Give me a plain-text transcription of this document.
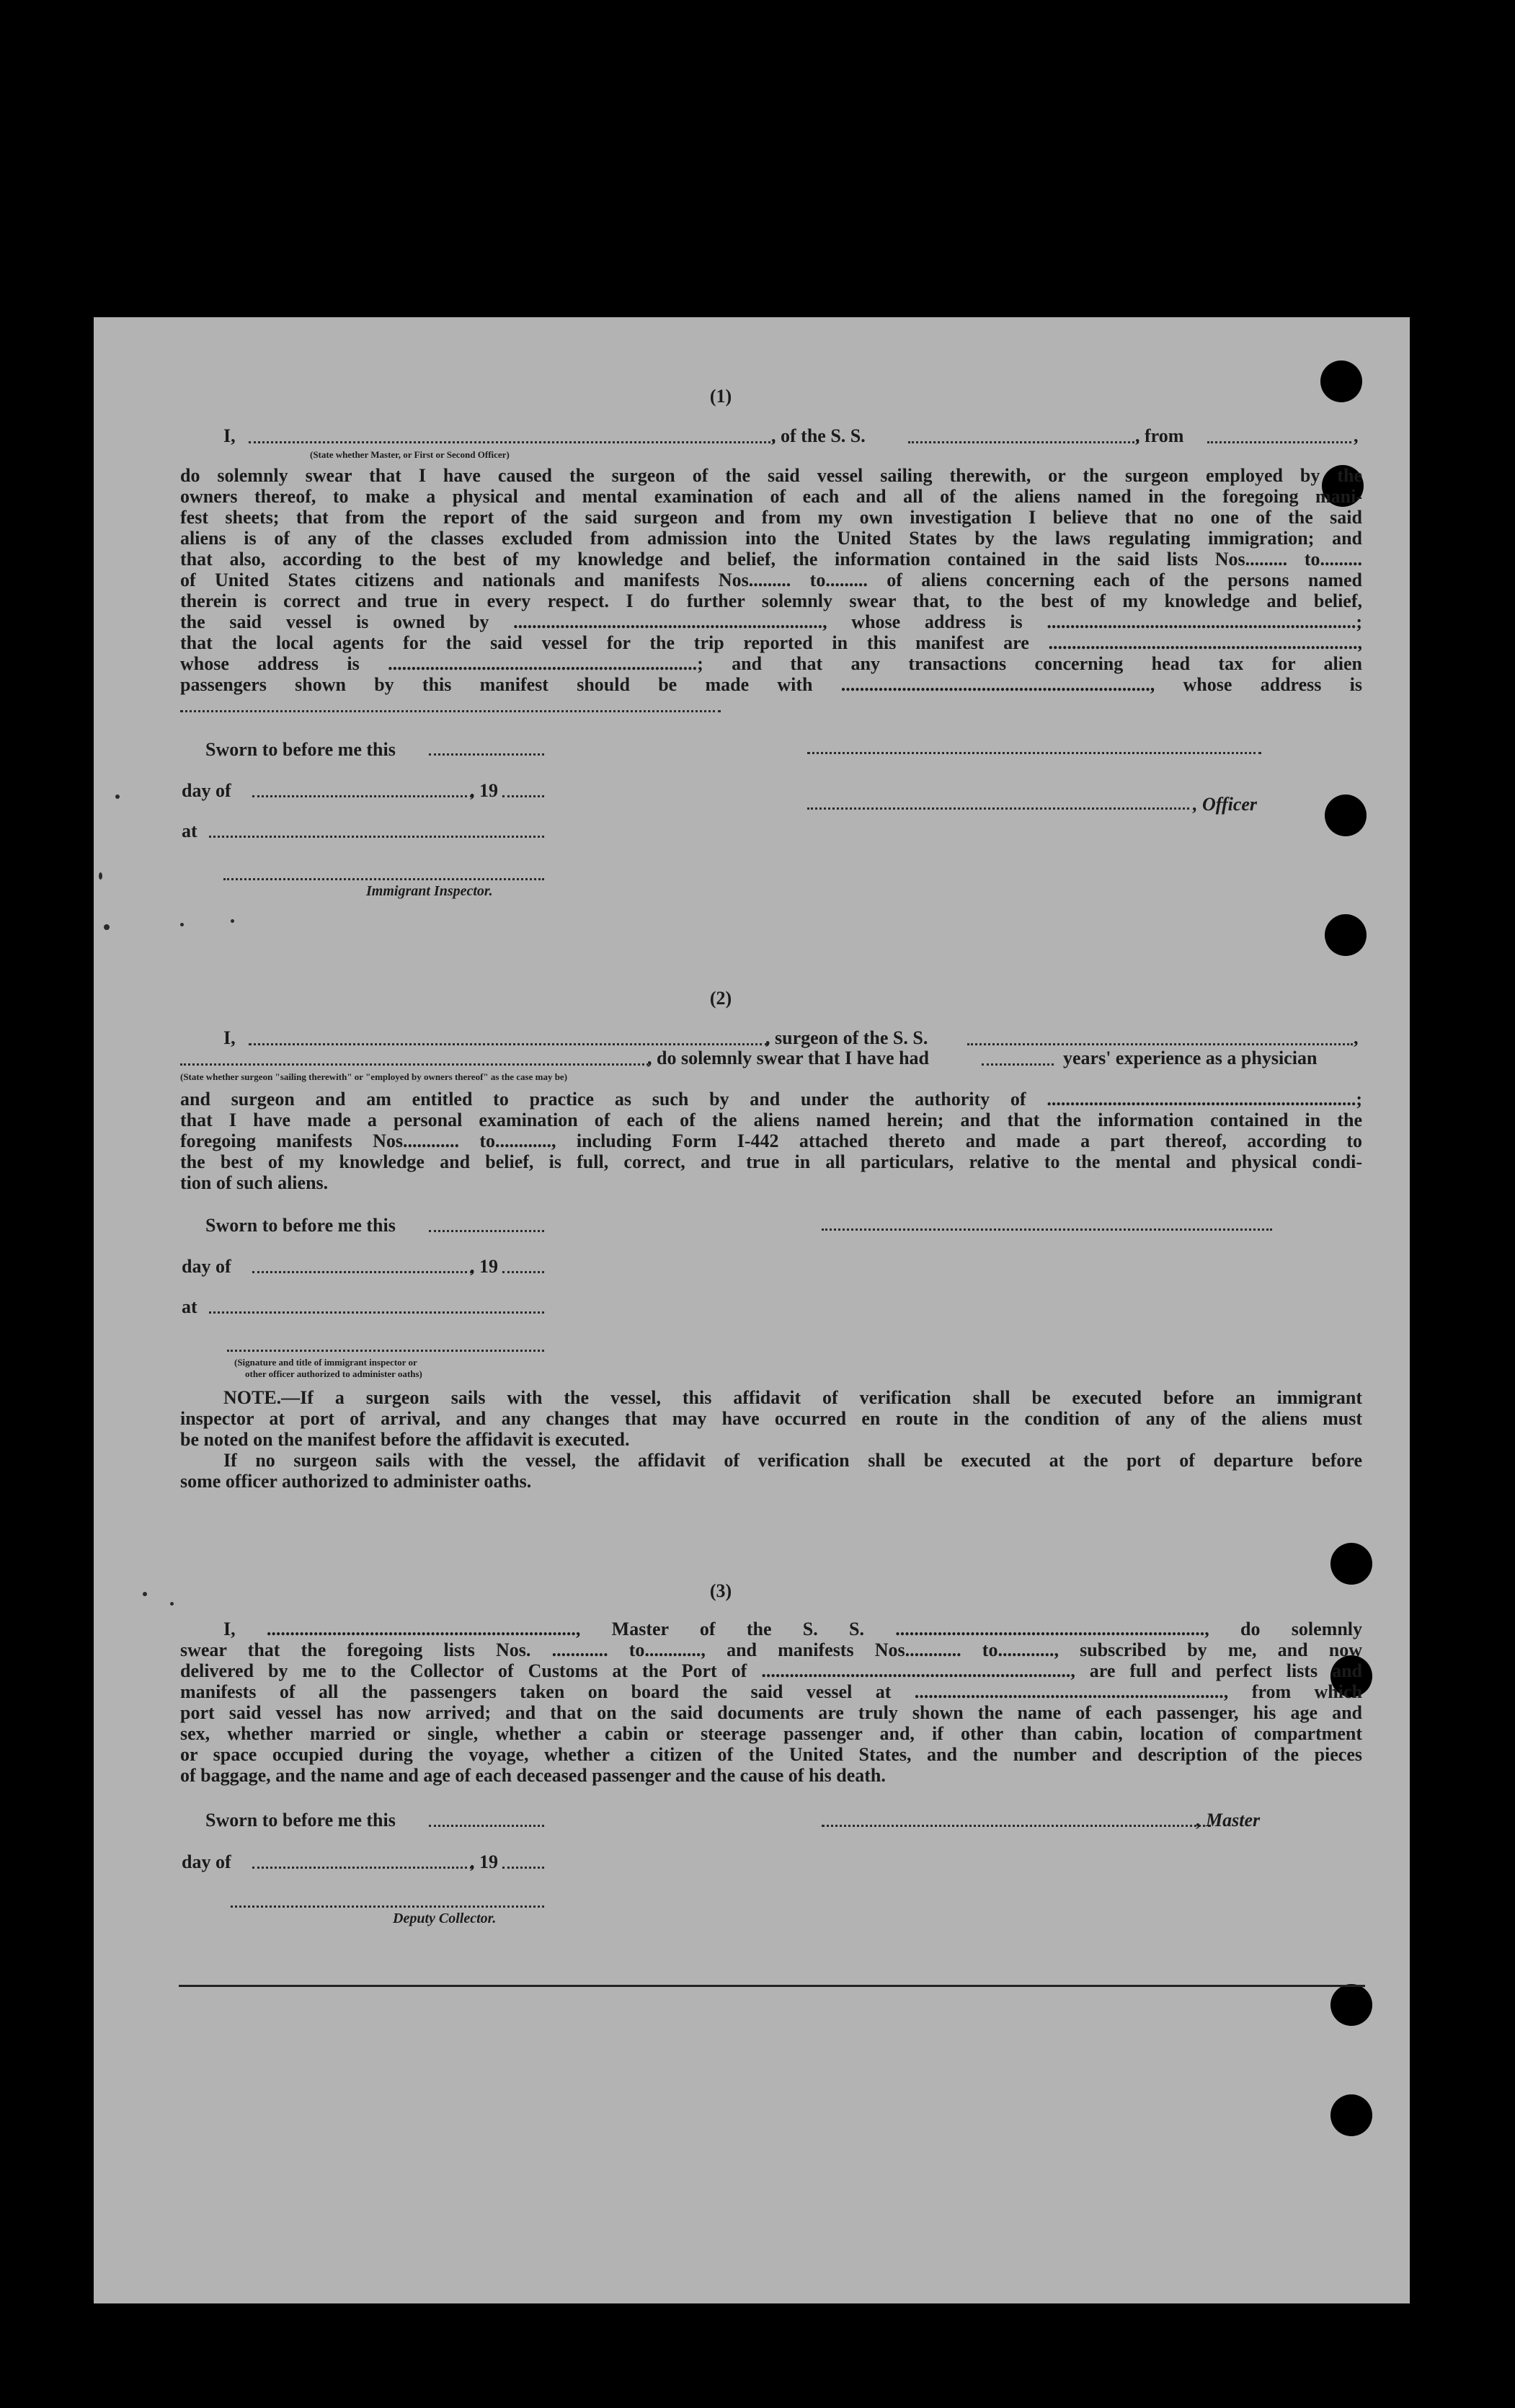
(1)
I,	, of the S. S.	, from	,
(State whether Master, or First or Second Officer)
do solemnly swear that I have caused the surgeon of the said vessel sailing therewith, or the surgeon employed by the
owners thereof, to make a physical and mental examination of each and all of the aliens named in the foregoing mani-
fest sheets; that from the report of the said surgeon and from my own investigation I believe that no one of the said
aliens is of any of the classes excluded from admission into the United States by the laws regulating immigration; and
that also, according to the best of my knowledge and belief, the information contained in the said lists Nos......... to.........
of United States citizens and nationals and manifests Nos......... to......... of aliens concerning each of the persons named
therein is correct and true in every respect. I do further solemnly swear that, to the best of my knowledge and belief,
the said vessel is owned by .................................................................., whose address is ..................................................................;
that the local agents for the said vessel for the trip reported in this manifest are ..................................................................,
whose address is ..................................................................; and that any transactions concerning head tax for alien
passengers shown by this manifest should be made with .................................................................., whose address is
Sworn to before me this
day of	, 19
, Officer
at
Immigrant Inspector.
(2)
I,	, surgeon of the S. S.	,
, do solemnly swear that I have had	years' experience as a physician
(State whether surgeon "sailing therewith" or "employed by owners thereof" as the case may be)
and surgeon and am entitled to practice as such by and under the authority of ..................................................................;
that I have made a personal examination of each of the aliens named herein; and that the information contained in the
foregoing manifests Nos............ to............, including Form I-442 attached thereto and made a part thereof, according to
the best of my knowledge and belief, is full, correct, and true in all particulars, relative to the mental and physical condi-
tion of such aliens.
Sworn to before me this
day of	, 19
at
(Signature and title of immigrant inspector or
other officer authorized to administer oaths)
NOTE.—If a surgeon sails with the vessel, this affidavit of verification shall be executed before an immigrant
inspector at port of arrival, and any changes that may have occurred en route in the condition of any of the aliens must
be noted on the manifest before the affidavit is executed.
If no surgeon sails with the vessel, the affidavit of verification shall be executed at the port of departure before
some officer authorized to administer oaths.
(3)
I, .................................................................., Master of the S. S. .................................................................., do solemnly
swear that the foregoing lists Nos. ............ to............, and manifests Nos............ to............, subscribed by me, and now
delivered by me to the Collector of Customs at the Port of .................................................................., are full and perfect lists and
manifests of all the passengers taken on board the said vessel at .................................................................., from which
port said vessel has now arrived; and that on the said documents are truly shown the name of each passenger, his age and
sex, whether married or single, whether a cabin or steerage passenger and, if other than cabin, location of compartment
or space occupied during the voyage, whether a citizen of the United States, and the number and description of the pieces
of baggage, and the name and age of each deceased passenger and the cause of his death.
Sworn to before me this	, Master
day of	, 19
Deputy Collector.
